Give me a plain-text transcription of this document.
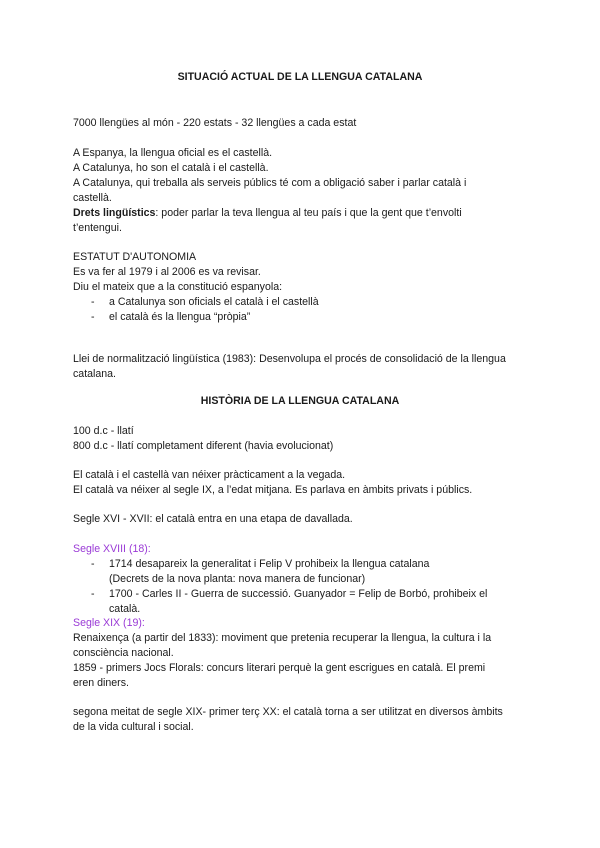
SITUACIÓ ACTUAL DE LA LLENGUA CATALANA
7000 llengües al món - 220 estats - 32 llengües a cada estat
A Espanya, la llengua oficial es el castellà.
A Catalunya, ho son el català i el castellà.
A Catalunya, qui treballa als serveis públics té com a obligació saber i parlar català i
castellà.
Drets lingüístics: poder parlar la teva llengua al teu país i que la gent que t’envolti
t’entengui.
ESTATUT D'AUTONOMIA
Es va fer al 1979 i al 2006 es va revisar.
Diu el mateix que a la constitució espanyola:
- a Catalunya son oficials el català i el castellà
- el català és la llengua “pròpia”
Llei de normalització lingüística (1983): Desenvolupa el procés de consolidació de la llengua
catalana.
HISTÒRIA DE LA LLENGUA CATALANA
100 d.c - llatí
800 d.c - llatí completament diferent (havia evolucionat)
El català i el castellà van néixer pràcticament a la vegada.
El català va néixer al segle IX, a l’edat mitjana. Es parlava en àmbits privats i públics.
Segle XVI - XVII: el català entra en una etapa de davallada.
Segle XVIII (18):
- 1714 desapareix la generalitat i Felip V prohibeix la llengua catalana
(Decrets de la nova planta: nova manera de funcionar)
- 1700 - Carles II - Guerra de successió. Guanyador = Felip de Borbó, prohibeix el
català.
Segle XIX (19):
Renaixença (a partir del 1833): moviment que pretenia recuperar la llengua, la cultura i la
consciència nacional.
1859 - primers Jocs Florals: concurs literari perquè la gent escrigues en català. El premi
eren diners.
segona meitat de segle XIX- primer terç XX: el català torna a ser utilitzat en diversos àmbits
de la vida cultural i social.
